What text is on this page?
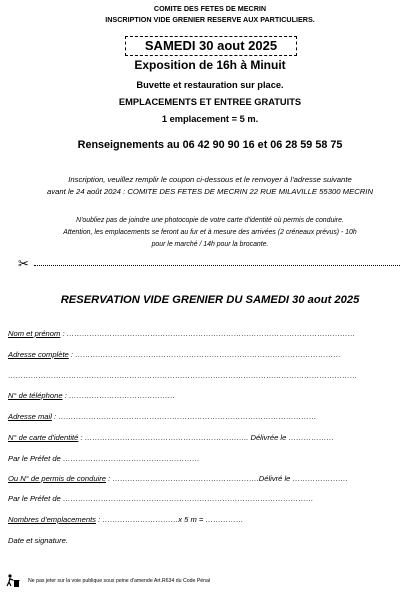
COMITE DES FETES DE MECRIN
INSCRIPTION VIDE GRENIER RESERVE AUX PARTICULIERS.
SAMEDI 30 aout 2025
Exposition de 16h à Minuit
Buvette et restauration sur place.
EMPLACEMENTS ET ENTREE GRATUITS
1 emplacement = 5 m.
Renseignements au 06 42 90 90 16 et 06 28 59 58 75
Inscription, veuillez remplir le coupon ci-dessous et le renvoyer à l'adresse suivante
avant le 24 août 2024 : COMITE DES FETES DE MECRIN 22 RUE MILAVILLE 55300 MECRIN
N'oubliez pas de joindre une photocopie de votre carte d'identité où permis de conduire.
Attention, les emplacements se feront au fur et à mesure des arrivées (2 créneaux prévus) - 10h
pour le marché / 14h pour la brocante.
✂
RESERVATION VIDE GRENIER DU SAMEDI 30 aout 2025
Nom et prénom : ……………………………………………………………………………………………………
Adresse complète : ……………………………………………………………………………………………
…………………………………………………………………………………………………………………………
N° de téléphone : ……………………………………
Adresse mail : …………………………………………………………………………………………
N° de carte d'identité : ……………………………………………………….. Délivrée le ………………
Par le Préfet de ………………………………………………
Ou N° de permis de conduire : ………………………………………………….Délivré le ………………….
Par le Préfet de ………………………………………………………………………………………
Nombres d'emplacements : …………………………x 5 m = ……………
Date et signature.
Ne pas jeter sur la voie publique sous peine d'amende Art.R634 du Code Pénal
